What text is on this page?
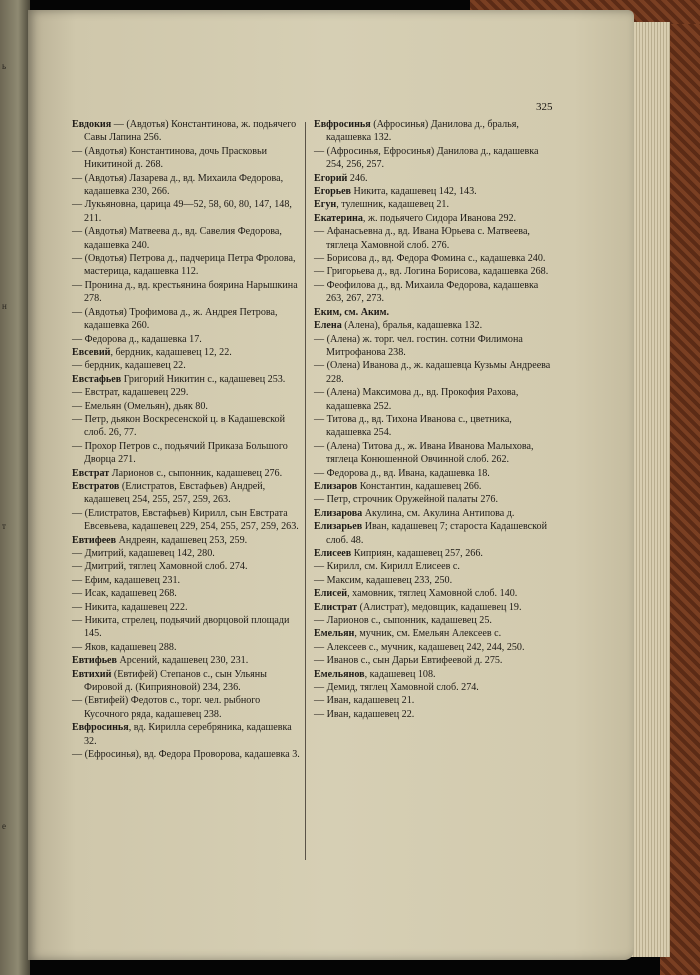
ь
н
т
е
325

Евдокия — (Авдотья) Константинова, ж. подьячего Савы Лапина 256.

— (Авдотья) Константинова, дочь Прасковьи Никитиной д. 268.

— (Авдотья) Лазарева д., вд. Михаила Федорова, кадашевка 230, 266.

— Лукьяновна, царица 49—52, 58, 60, 80, 147, 148, 211.

— (Авдотья) Матвеева д., вд. Савелия Федорова, кадашевка 240.

— (Овдотья) Петрова д., падчерица Петра Фролова, мастерица, кадашевка 112.

— Пронина д., вд. крестьянина боярина Нарышкина 278.

— (Авдотья) Трофимова д., ж. Андрея Петрова, кадашевка 260.

— Федорова д., кадашевка 17.

Евсевий, бердник, кадашевец 12, 22.

— бердник, кадашевец 22.

Евстафьев Григорий Никитин с., кадашевец 253.

— Евстрат, кадашевец 229.

— Емельян (Омельян), дьяк 80.

— Петр, дьякон Воскресенской ц. в Кадашевской слоб. 26, 77.

— Прохор Петров с., подьячий Приказа Большого Дворца 271.

Евстрат Ларионов с., сыпонник, кадашевец 276.

Евстратов (Елистратов, Евстафьев) Андрей, кадашевец 254, 255, 257, 259, 263.

— (Елистратов, Евстафьев) Кирилл, сын Евстрата Евсевьева, кадашевец 229, 254, 255, 257, 259, 263.

Евтифеев Андреян, кадашевец 253, 259.

— Дмитрий, кадашевец 142, 280.

— Дмитрий, тяглец Хамовной слоб. 274.

— Ефим, кадашевец 231.

— Исак, кадашевец 268.

— Никита, кадашевец 222.

— Никита, стрелец, подьячий дворцовой площади 145.

— Яков, кадашевец 288.

Евтифьев Арсений, кадашевец 230, 231.

Евтихий (Евтифей) Степанов с., сын Ульяны Фировой д. (Киприяновой) 234, 236.

— (Евтифей) Федотов с., торг. чел. рыбного Кусочного ряда, кадашевец 238.

Евфросинья, вд. Кирилла серебряника, кадашевка 32.

— (Ефросинья), вд. Федора Проворова, кадашевка 3.

Евфросинья (Афросинья) Данилова д., бралья, кадашевка 132.

— (Афросинья, Ефросинья) Данилова д., кадашевка 254, 256, 257.

Егорий 246.

Егорьев Никита, кадашевец 142, 143.

Егун, тулешник, кадашевец 21.

Екатерина, ж. подьячего Сидора Иванова 292.

— Афанасьевна д., вд. Ивана Юрьева с. Матвеева, тяглеца Хамовной слоб. 276.

— Борисова д., вд. Федора Фомина с., кадашевка 240.

— Григорьева д., вд. Логина Борисова, кадашевка 268.

— Феофилова д., вд. Михаила Федорова, кадашевка 263, 267, 273.

Еким, см. Аким.

Елена (Алена), бралья, кадашевка 132.

— (Алена) ж. торг. чел. гостин. сотни Филимона Митрофанова 238.

— (Олена) Иванова д., ж. кадашевца Кузьмы Андреева 228.

— (Алена) Максимова д., вд. Прокофия Рахова, кадашевка 252.

— Титова д., вд. Тихона Иванова с., цветника, кадашевка 254.

— (Алена) Титова д., ж. Ивана Иванова Малыхова, тяглеца Конюшенной Овчинной слоб. 262.

— Федорова д., вд. Ивана, кадашевка 18.

Елизаров Константин, кадашевец 266.

— Петр, строчник Оружейной палаты 276.

Елизарова Акулина, см. Акулина Антипова д.

Елизарьев Иван, кадашевец 7; староста Кадашевской слоб. 48.

Елисеев Киприян, кадашевец 257, 266.

— Кирилл, см. Кирилл Елисеев с.

— Максим, кадашевец 233, 250.

Елисей, хамовник, тяглец Хамовной слоб. 140.

Елистрат (Алистрат), медовщик, кадашевец 19.

— Ларионов с., сыпонник, кадашевец 25.

Емельян, мучник, см. Емельян Алексеев с.

— Алексеев с., мучник, кадашевец 242, 244, 250.

— Иванов с., сын Дарьи Евтифеевой д. 275.

Емельянов, кадашевец 108.

— Демид, тяглец Хамовной слоб. 274.

— Иван, кадашевец 21.

— Иван, кадашевец 22.
